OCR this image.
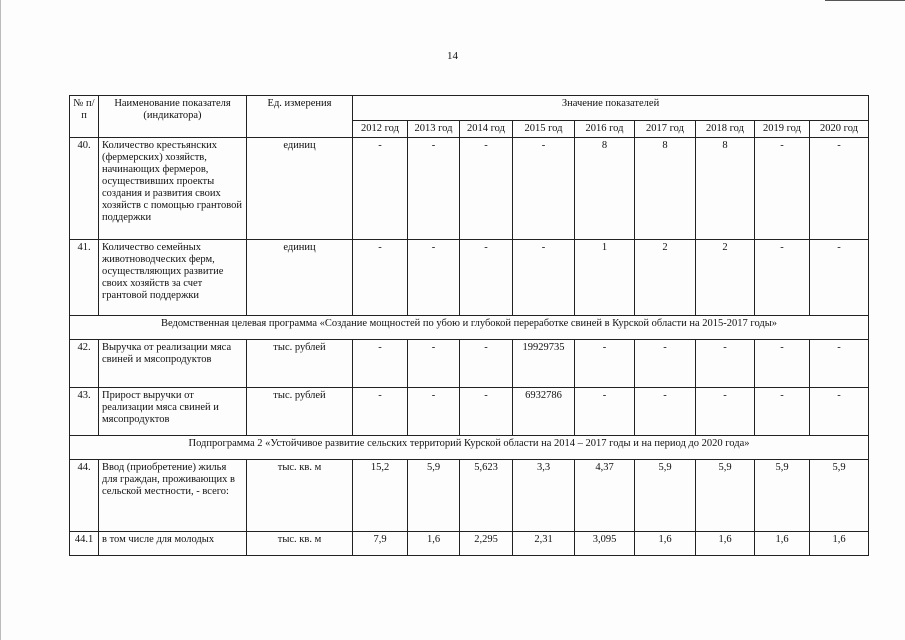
14
№ п/п	Наименование показателя (индикатора)	Ед. измерения	Значение показателей								
			2012 год	2013 год	2014 год	2015 год	2016 год	2017 год	2018 год	2019 год	2020 год
40.	Количество крестьянских (фермерских) хозяйств, начинающих фермеров, осуществивших проекты создания и развития своих хозяйств с помощью грантовой поддержки	единиц	-	-	-	-	8	8	8	-	-
41.	Количество семейных животноводческих ферм, осуществляющих развитие своих хозяйств за счет грантовой поддержки	единиц	-	-	-	-	1	2	2	-	-
Ведомственная целевая программа «Создание мощностей по убою и глубокой переработке свиней в Курской области на 2015-2017 годы»											
42.	Выручка от реализации мяса свиней и мясопродуктов	тыс. рублей	-	-	-	19929735	-	-	-	-	-
43.	Прирост выручки от реализации мяса свиней и мясопродуктов	тыс. рублей	-	-	-	6932786	-	-	-	-	-
Подпрограмма 2 «Устойчивое развитие сельских территорий Курской области на 2014 – 2017 годы и на период до 2020 года»											
44.	Ввод (приобретение) жилья для граждан, проживающих в сельской местности, - всего:	тыс. кв. м	15,2	5,9	5,623	3,3	4,37	5,9	5,9	5,9	5,9
44.1	в том числе для молодых	тыс. кв. м	7,9	1,6	2,295	2,31	3,095	1,6	1,6	1,6	1,6
